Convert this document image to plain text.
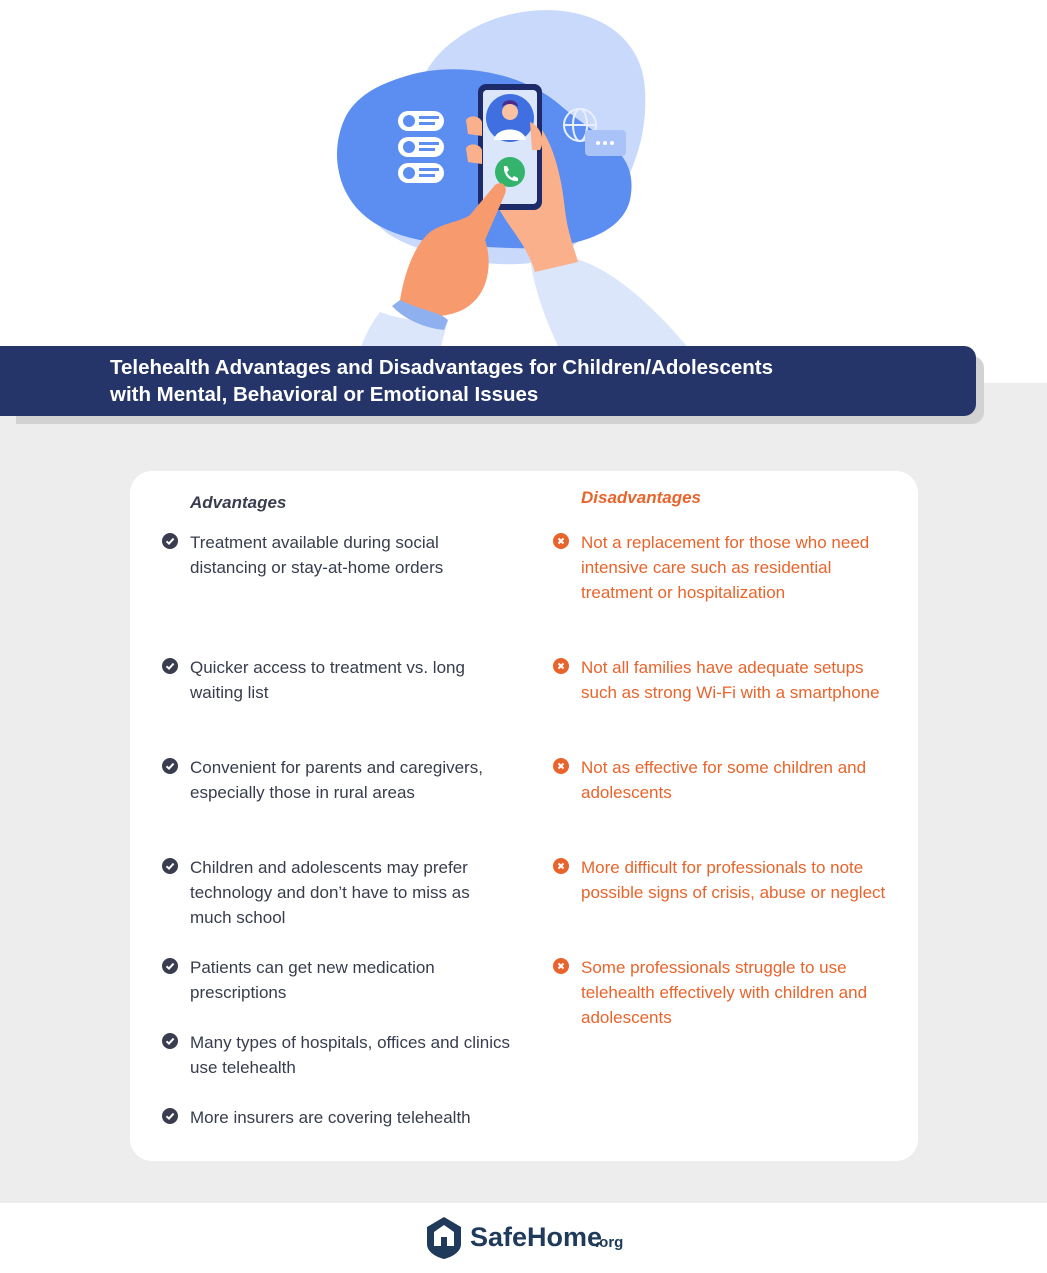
Telehealth Advantages and Disadvantages for Children/Adolescents
with Mental, Behavioral or Emotional Issues
Advantages	Disadvantages
Treatment available during social distancing or stay-at-home orders
Quicker access to treatment vs. long waiting list
Convenient for parents and caregivers, especially those in rural areas
Children and adolescents may prefer technology and don’t have to miss as much school
Patients can get new medication prescriptions
Many types of hospitals, offices and clinics use telehealth
More insurers are covering telehealth
Not a replacement for those who need intensive care such as residential treatment or hospitalization
Not all families have adequate setups such as strong Wi-Fi with a smartphone
Not as effective for some children and adolescents
More difficult for professionals to note possible signs of crisis, abuse or neglect
Some professionals struggle to use telehealth effectively with children and adolescents
SafeHome
.org
